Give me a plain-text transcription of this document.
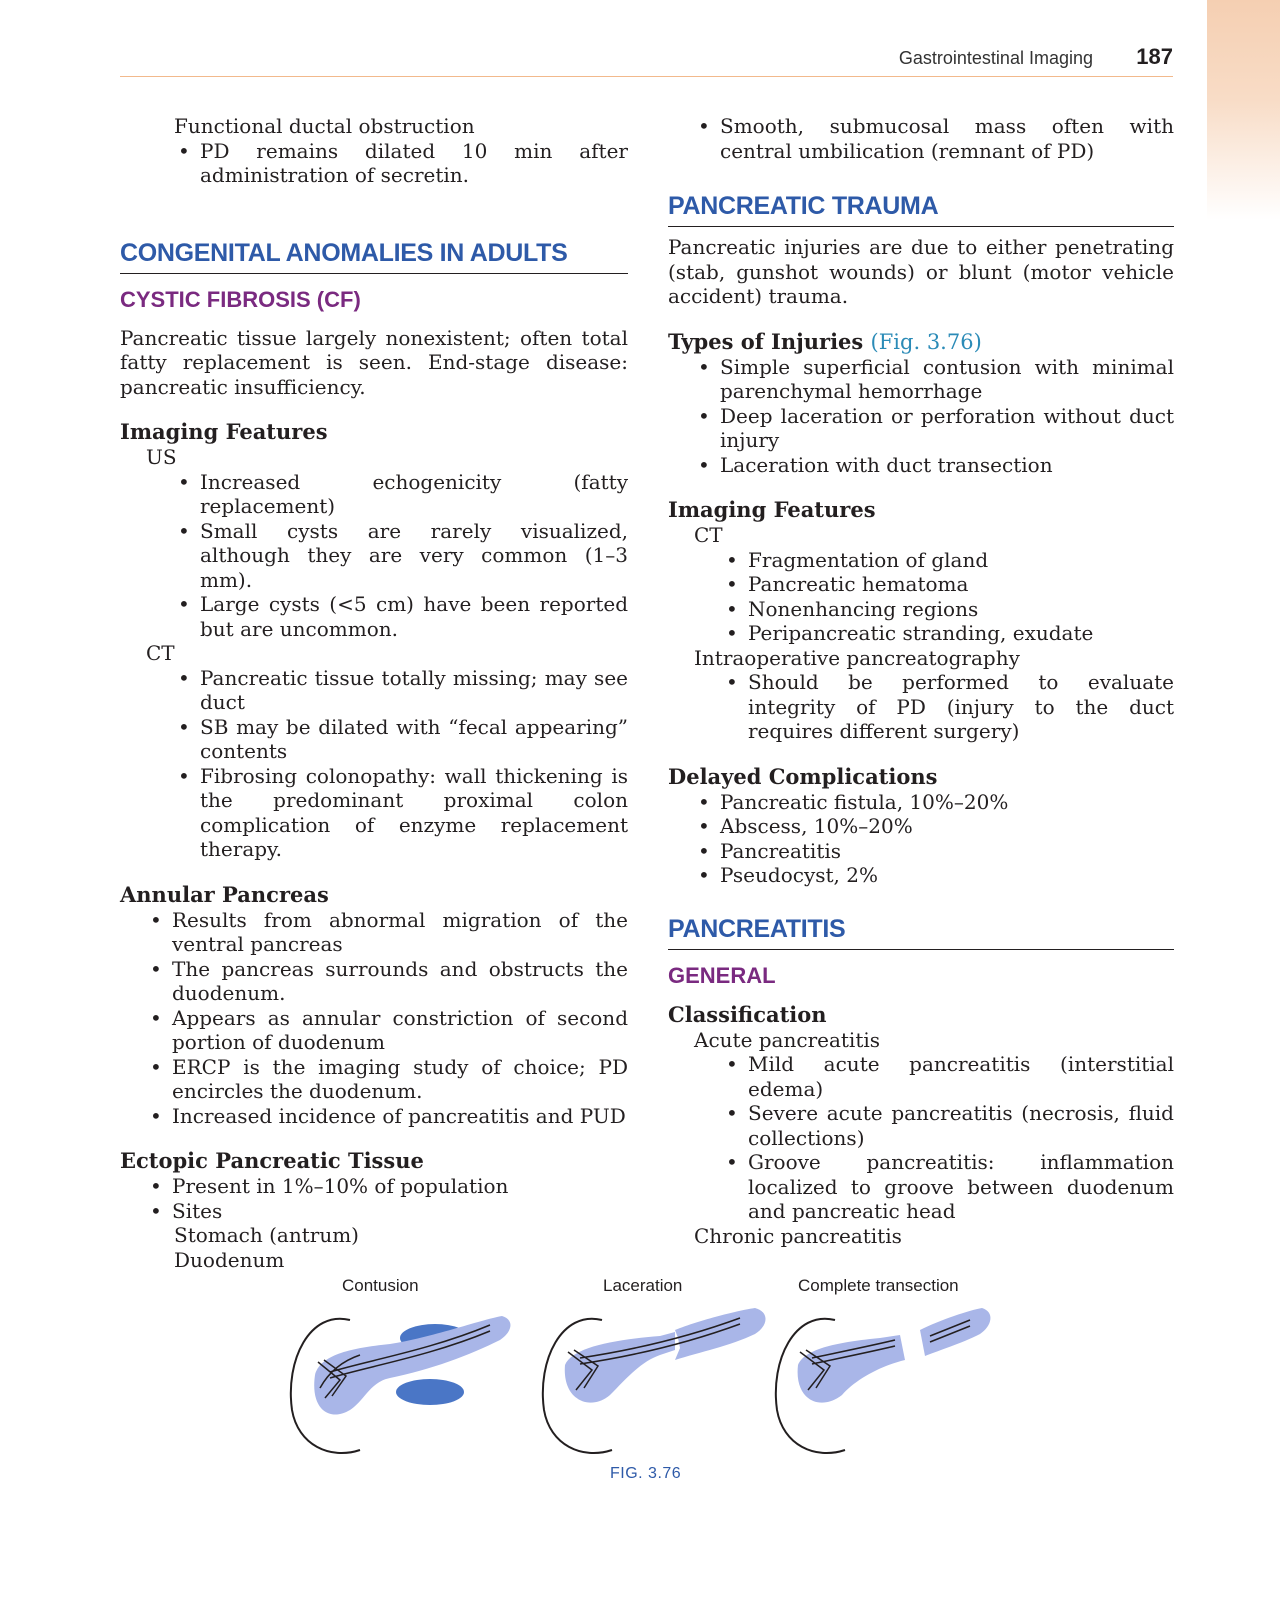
Gastrointestinal Imaging 187

Functional ductal obstruction

• PD remains dilated 10 min after administration of secretin.
CONGENITAL ANOMALIES IN ADULTS
CYSTIC FIBROSIS (CF)

Pancreatic tissue largely nonexistent; often total fatty replacement is seen. End-stage disease: pancreatic insufficiency.

Imaging Features

US

• Increased echogenicity (fatty replacement)
• Small cysts are rarely visualized, although they are very common (1–3 mm).
• Large cysts (<5 cm) have been reported but are uncommon.

CT

• Pancreatic tissue totally missing; may see duct
• SB may be dilated with “fecal appearing” contents
• Fibrosing colonopathy: wall thickening is the predominant proximal colon complication of enzyme replacement therapy.

Annular Pancreas

• Results from abnormal migration of the ventral pancreas
• The pancreas surrounds and obstructs the duodenum.
• Appears as annular constriction of second portion of duodenum
• ERCP is the imaging study of choice; PD encircles the duodenum.
• Increased incidence of pancreatitis and PUD

Ectopic Pancreatic Tissue

• Present in 1%–10% of population
• Sites

Stomach (antrum)

Duodenum

• Smooth, submucosal mass often with central umbilication (remnant of PD)
PANCREATIC TRAUMA

Pancreatic injuries are due to either penetrating (stab, gunshot wounds) or blunt (motor vehicle accident) trauma.

Types of Injuries (Fig. 3.76)

• Simple superficial contusion with minimal parenchymal hemorrhage
• Deep laceration or perforation without duct injury
• Laceration with duct transection

Imaging Features

CT

• Fragmentation of gland
• Pancreatic hematoma
• Nonenhancing regions
• Peripancreatic stranding, exudate

Intraoperative pancreatography

• Should be performed to evaluate integrity of PD (injury to the duct requires different surgery)

Delayed Complications

• Pancreatic fistula, 10%–20%
• Abscess, 10%–20%
• Pancreatitis
• Pseudocyst, 2%
PANCREATITIS
GENERAL

Classification

Acute pancreatitis

• Mild acute pancreatitis (interstitial edema)
• Severe acute pancreatitis (necrosis, fluid collections)
• Groove pancreatitis: inflammation localized to groove between duodenum and pancreatic head

Chronic pancreatitis

Contusion	Laceration	Complete transection
FIG. 3.76
